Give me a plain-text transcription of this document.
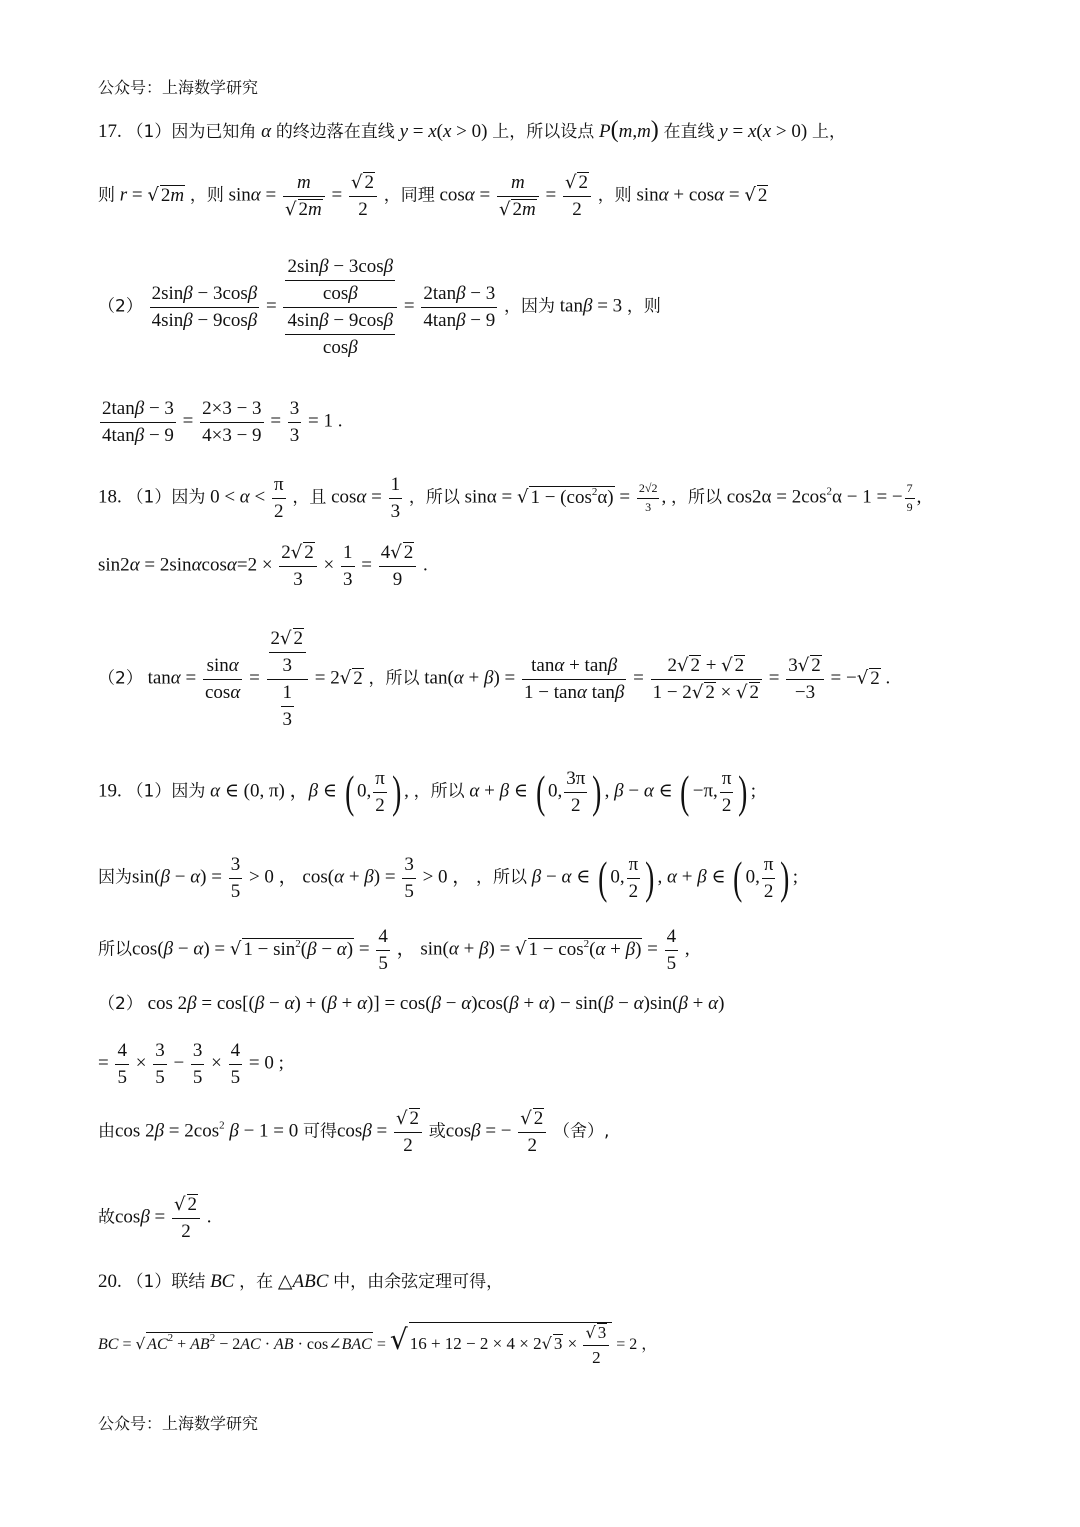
公众号：上海数学研究
17. （1）因为已知角 α 的终边落在直线 y = x(x > 0) 上，所以设点 P(m,m) 在直线 y = x(x > 0) 上，
则 r = √ 2m ，则 $\sin\alpha = \frac{m}{√ 2m} = \frac{√ 2}{2}$ ，同理 $\cos\alpha = \frac{m}{√ 2m} = \frac{√ 2}{2}$ ，则 sinα + cosα = √ 2
$(2) \frac{2\sin\beta - 3\cos\beta}{4\sin\beta - 9\cos\beta} = \frac{\frac{2\sin\beta - 3\cos\beta}{\cos\beta}}{\frac{4\sin\beta - 9\cos\beta}{\cos\beta}} = \frac{2\tan\beta - 3}{4\tan\beta - 9}$ ，因为 tanβ = 3 ，则
$\frac{2\tan\beta - 3}{4\tan\beta - 9} = \frac{2\times 3 - 3}{4\times 3 - 9} = \frac{3}{3} = 1$ .
18. （1）因为 $0 < \alpha < \frac{\pi}{2}$ ，且 $\cos\alpha = \frac{1}{3}$ ，所以 sinα = √ $1 - (\cos^2\alpha) = \frac{2√2}{3}$ , ，所以 $\cos 2\alpha = 2\cos^2\alpha - 1$ = − $\frac{7}{9}$ ,
$\sin 2\alpha = 2\sin\alpha\cos\alpha=2 \times \frac{2√ 2}{3} \times \frac{1}{3} = \frac{4√ 2}{9}$ .
（2） $\tan\alpha = \frac{\sin\alpha}{\cos\alpha} = \frac{\frac{2√ 2}{3}}{\frac{1}{3}} = 2√$ 2 ，所以 $\tan(\alpha + \beta) = \frac{\tan\alpha + \tan\beta}{\text{1 − tanα tanβ}} = \frac{2√ 2 + √ 2}{1 - 2√ 2 \times √ 2} = \frac{3√ 2}{-3}$ = −√ 2 .
19. （1）因为 α ∈ (0, π) ，β ∈ ( 0, $\frac{\pi}{2}$ ) , ，所以 α + β ∈ ( 0, $\frac{3\pi}{2}$ ) , β − α ∈ ( −π, $\frac{\pi}{2}$ ) ;
因为$\sin(\beta - \alpha) = \frac{3}{5} > 0$ ， $\cos(\alpha + \beta) = \frac{3}{5} > 0$ ， ，所以 β − α ∈ ( 0, $\frac{\pi}{2}$ ) , α + β ∈ ( 0, $\frac{\pi}{2}$ ) ;
所以cos(β − α) = √ $1 - \sin^2(\beta - \alpha) = \frac{4}{5}$ ， sin(α + β) = √ $1 - \cos^2(\alpha + \beta) = \frac{4}{5}$ ,
（2） cos 2β = cos[(β − α) + (β + α)] = cos(β − α)cos(β + α) − sin(β − α)sin(β + α)
= $\frac{4}{5} \times \frac{3}{5} - \frac{3}{5} \times \frac{4}{5} = 0$ ;
由$\cos 2\beta = 2\cos^2$ β − 1 = 0 可得$\cos\beta = \frac{√ 2}{2}$ 或cosβ = − $\frac{√ 2}{2}$ （舍）,
故$\cos\beta = \frac{√ 2}{2}$ .
20. （1）联结 BC ，在 △ABC 中，由余弦定理可得，
BC = √ $AC^2 + AB^2 - 2AC$ · AB · cos∠BAC = √ 16 + 12 − 2 × 4 × 2√ $3 \times \frac{√ 3}{2} = 2$ ，
公众号：上海数学研究
